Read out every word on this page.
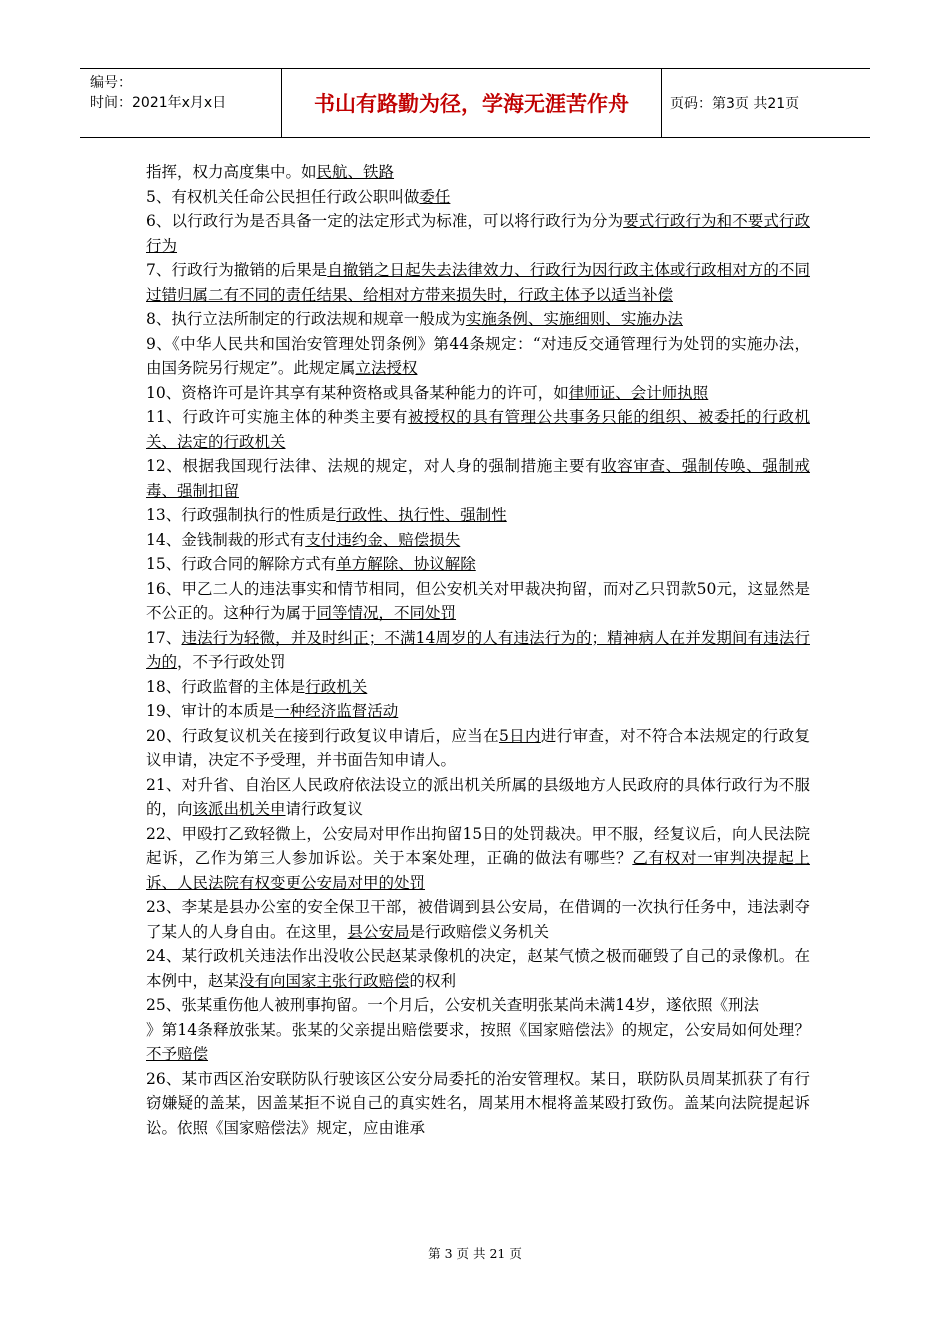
编号：
时间：2021年x月x日	书山有路勤为径，学海无涯苦作舟	页码：第3页 共21页

指挥，权力高度集中。如民航、铁路

5、有权机关任命公民担任行政公职叫做委任

6、以行政行为是否具备一定的法定形式为标准，可以将行政行为分为要式行政行为和不要式行政行为

7、行政行为撤销的后果是自撤销之日起失去法律效力、行政行为因行政主体或行政相对方的不同过错归属二有不同的责任结果、给相对方带来损失时，行政主体予以适当补偿

8、执行立法所制定的行政法规和规章一般成为实施条例、实施细则、实施办法

9、《中华人民共和国治安管理处罚条例》第44条规定：“对违反交通管理行为处罚的实施办法，由国务院另行规定”。此规定属立法授权

10、资格许可是许其享有某种资格或具备某种能力的许可，如律师证、会计师执照

11、行政许可实施主体的种类主要有被授权的具有管理公共事务只能的组织、被委托的行政机关、法定的行政机关

12、根据我国现行法律、法规的规定，对人身的强制措施主要有收容审查、强制传唤、强制戒毒、强制扣留

13、行政强制执行的性质是行政性、执行性、强制性

14、金钱制裁的形式有支付违约金、赔偿损失

15、行政合同的解除方式有单方解除、协议解除

16、甲乙二人的违法事实和情节相同，但公安机关对甲裁决拘留，而对乙只罚款50元，这显然是不公正的。这种行为属于同等情况，不同处罚

17、违法行为轻微，并及时纠正；不满14周岁的人有违法行为的；精神病人在并发期间有违法行为的，不予行政处罚

18、行政监督的主体是行政机关

19、审计的本质是一种经济监督活动

20、行政复议机关在接到行政复议申请后，应当在5日内进行审查，对不符合本法规定的行政复议申请，决定不予受理，并书面告知申请人。

21、对升省、自治区人民政府依法设立的派出机关所属的县级地方人民政府的具体行政行为不服的，向该派出机关申请行政复议

22、甲殴打乙致轻微上，公安局对甲作出拘留15日的处罚裁决。甲不服，经复议后，向人民法院起诉，乙作为第三人参加诉讼。关于本案处理，正确的做法有哪些？乙有权对一审判决提起上诉、人民法院有权变更公安局对甲的处罚

23、李某是县办公室的安全保卫干部，被借调到县公安局，在借调的一次执行任务中，违法剥夺了某人的人身自由。在这里，县公安局是行政赔偿义务机关

24、某行政机关违法作出没收公民赵某录像机的决定，赵某气愤之极而砸毁了自己的录像机。在本例中，赵某没有向国家主张行政赔偿的权利

25、张某重伤他人被刑事拘留。一个月后，公安机关查明张某尚未满14岁，遂依照《刑法

》第14条释放张某。张某的父亲提出赔偿要求，按照《国家赔偿法》的规定，公安局如何处理？不予赔偿

26、某市西区治安联防队行驶该区公安分局委托的治安管理权。某日，联防队员周某抓获了有行窃嫌疑的盖某，因盖某拒不说自己的真实姓名，周某用木棍将盖某殴打致伤。盖某向法院提起诉讼。依照《国家赔偿法》规定，应由谁承

第 3 页 共 21 页
